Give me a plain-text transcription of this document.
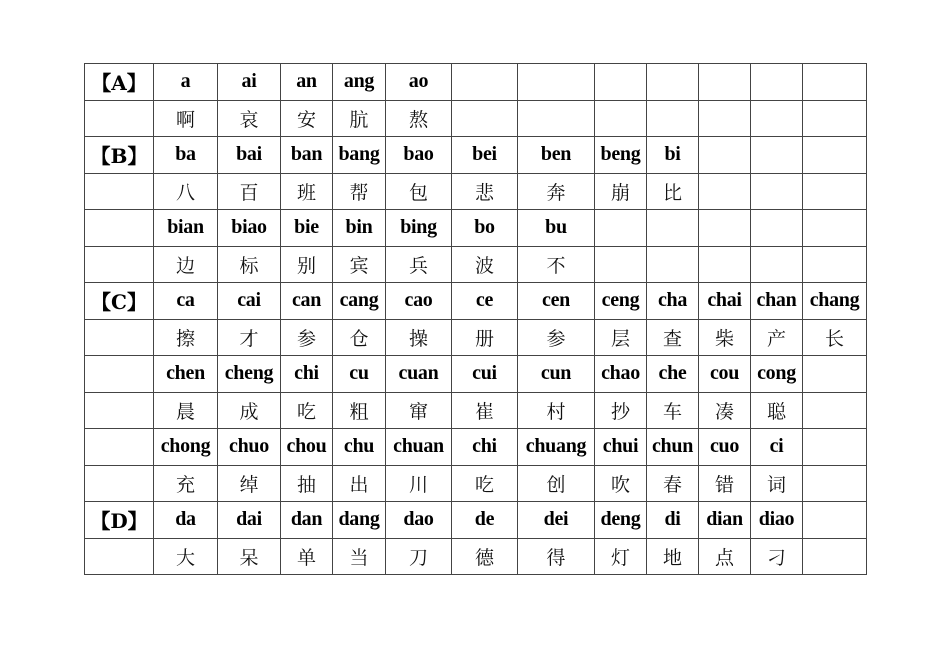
【A】	a	ai	an	ang	ao							
	啊	哀	安	肮	熬							
【B】	ba	bai	ban	bang	bao	bei	ben	beng	bi			
	八	百	班	帮	包	悲	奔	崩	比			
	bian	biao	bie	bin	bing	bo	bu					
	边	标	别	宾	兵	波	不					
【C】	ca	cai	can	cang	cao	ce	cen	ceng	cha	chai	chan	chang
	擦	才	参	仓	操	册	参	层	查	柴	产	长
	chen	cheng	chi	cu	cuan	cui	cun	chao	che	cou	cong	
	晨	成	吃	粗	窜	崔	村	抄	车	凑	聪	
	chong	chuo	chou	chu	chuan	chi	chuang	chui	chun	cuo	ci	
	充	绰	抽	出	川	吃	创	吹	春	错	词	
【D】	da	dai	dan	dang	dao	de	dei	deng	di	dian	diao	
	大	呆	单	当	刀	德	得	灯	地	点	刁	
